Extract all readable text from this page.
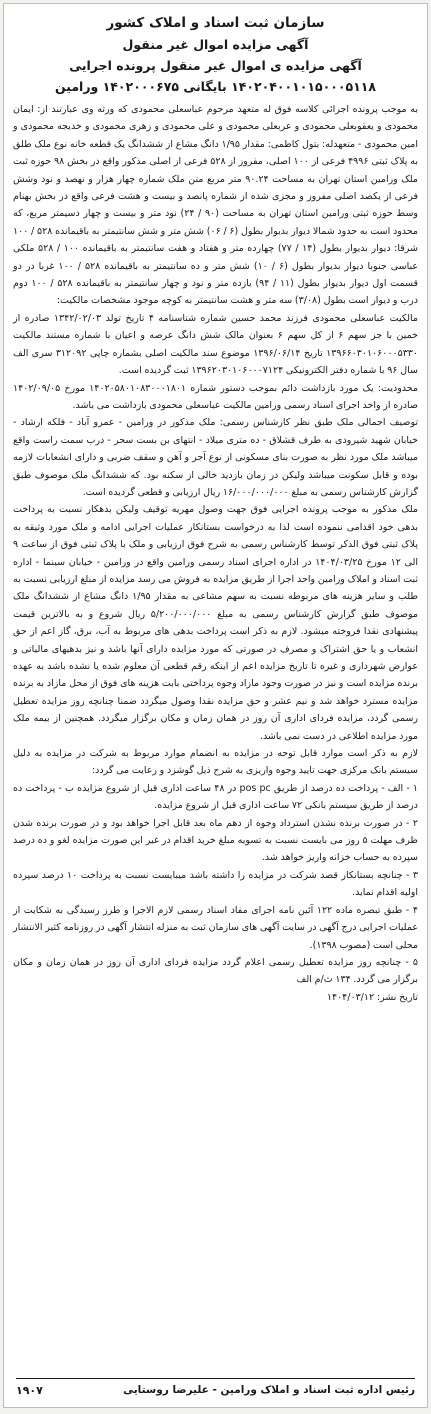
سازمان ثبت اسناد و املاک کشور
آگهی مزایده اموال غیر منقول
آگهی مزایده ی اموال غیر منقول پرونده اجرایی
۱۴۰۲۰۴۰۰۱۰۱۵۰۰۰۵۱۱۸ بایگانی ۱۴۰۲۰۰۰۶۷۵ ورامین

به موجب پرونده اجرائی کلاسه فوق له متعهد مرحوم عباسعلی محمودی که ورثه وی عبارتند از: ایمان محمودی و یعقوبعلی محمودی و عربعلی محمودی و علی محمودی و زهری محمودی و خدیجه محمودی و امین محمودی - متعهدله: بتول کاظمی: مقدار ۱/۹۵ دانگ مشاع از ششدانگ یک قطعه خانه نوع ملک طلق به پلاک ثبتی ۴۹۹۶ فرعی از ۱۰۰ اصلی، مفروز از ۵۲۸ فرعی از اصلی مذکور واقع در بخش ۹۸ حوزه ثبت ملک ورامین استان تهران به مساحت ۹۰.۲۴ متر مربع متن ملک شماره چهار هزار و نهصد و نود وشش فرعی از یکصد اصلی مفروز و مجزی شده از شماره پانصد و بیست و هشت فرعی واقع در بخش بهنام وسط حوزه ثبتی ورامین استان تهران به مساحت (۹۰ / ۲۴) نود متر و بیست و چهار دسیمتر مربع، که محدود است به حدود شمالا دیوار بدیوار بطول (۶ / ۰۶) شش متر و شش سانتیمتر به باقیمانده ۵۲۸ / ۱۰۰ شرقا: دیوار بدیوار بطول (۱۴ / ۷۷) چهارده متر و هفتاد و هفت سانتیمتر به باقیمانده ۱۰۰ / ۵۲۸ ملکی عباسی جنوبا دیوار بدیوار بطول (۶ / ۱۰) شش متر و ده سانتیمتر به باقیمانده ۵۲۸ / ۱۰۰ غربا در دو قسمت اول دیوار بدیوار بطول (۱۱ / ۹۴) یازده متر و نود و چهار سانتیمتر به باقیمانده ۵۲۸ / ۱۰۰ دوم درب و دیوار است بطول (۳/۰۸) سه متر و هشت سانتیمتر به کوچه موجود مشخصات مالکیت:

مالکیت عباسعلی محمودی فرزند محمد حسین شماره شناسنامه ۴ تاریخ تولد ۱۳۴۲/۰۲/۰۳ صادره از خمین با جز سهم ۶ از کل سهم ۶ بعنوان مالک شش دانگ عرصه و اعیان با شماره مستند مالکیت ۱۳۹۶۶۰۳۰۱۰۶۰۰۰۵۳۳۰ تاریخ ۱۳۹۶/۰۶/۱۴ موضوع سند مالکیت اصلی بشماره چاپی ۳۱۲۰۹۲ سری الف سال ۹۶ با شماره دفتر الکترونیکی ۱۳۹۶۲۰۳۰۱۰۶۰۰۰۷۱۲۴ ثبت گردیده است.

محدودیت: یک مورد بازداشت دائم بموجب دستور شماره ۱۴۰۲۰۵۸۰۱۰۸۳۰۰۰۱۸۰۱ مورخ ۱۴۰۲/۰۹/۰۵ صادره از واحد اجرای اسناد رسمی ورامین مالکیت عباسعلی محمودی بازداشت می باشد.

توصیف اجمالی ملک طبق نظر کارشناس رسمی: ملک مذکور در ورامین - عمرو آباد - فلکه ارشاد - خیابان شهید شیرودی به طرف قشلاق - ده متری میلاد - انتهای بن بست سحر - درب سمت راست واقع میباشد ملک مورد نظر به صورت بنای مسکونی از نوع آجر و آهن و سقف ضربی و دارای انشعابات لازمه بوده و قابل سکونت میباشد ولیکن در زمان بازدید خالی از سکنه بود. که ششدانگ ملک موصوف طبق گزارش کارشناس رسمی به مبلغ ۱۶/۰۰۰/۰۰۰/۰۰۰ ریال ارزیابی و قطعی گردیده است.

ملک مذکور به موجب پرونده اجرایی فوق جهت وصول مهریه توقیف ولیکن بدهکار نسبت به پرداخت بدهی خود اقدامی ننموده است لذا به درخواست بستانکار عملیات اجرایی ادامه و ملک مورد وثیقه به پلاک ثبتی فوق الذکر توسط کارشناس رسمی به شرح فوق ارزیابی و ملک با پلاک ثبتی فوق از ساعت ۹ الی ۱۲ مورخ ۱۴۰۴/۰۳/۲۵ در اداره اجرای اسناد رسمی ورامین واقع در ورامین - خیابان سینما - اداره ثبت اسناد و املاک ورامین واحد اجرا از طریق مزایده به فروش می رسد مزایده از مبلغ ارزیابی نسبت به طلب و سایر هزینه های مربوطه نسبت به سهم مشاعی به مقدار ۱/۹۵ دانگ مشاع از ششدانگ ملک موصوف طبق گزارش کارشناس رسمی به مبلغ ۵/۲۰۰/۰۰۰/۰۰۰ ریال شروع و به بالاترین قیمت پیشنهادی نقدا فروخته میشود. لازم به ذکر است پرداخت بدهی های مربوط به آب، برق، گاز اعم از حق انشعاب و یا حق اشتراک و مصرف در صورتی که مورد مزایده دارای آنها باشد و نیز بدهیهای مالیاتی و عوارض شهرداری و غیره تا تاریخ مزایده اعم از اینکه رقم قطعی آن معلوم شده یا نشده باشد به عهده برنده مزایده است و نیز در صورت وجود مازاد وجوه پرداختی بابت هزینه های فوق از محل مازاد به برنده مزایده مسترد خواهد شد و نیم عشر و حق مزایده نقدا وصول میگردد ضمنا چنانچه روز مزایده تعطیل رسمی گردد، مزایده فردای اداری آن روز در همان زمان و مکان برگزار میگردد. همچنین از بیمه ملک مورد مزایده اطلاعی در دست نمی باشد.

لازم به ذکر است موارد قابل توجه در مزایده به انضمام موارد مربوط به شرکت در مزایده به دلیل سیستم بانک مرکزی جهت تایید وجوه واریزی به شرح ذیل گوشزد و رعایت می گردد:

۱ - الف - پرداخت ده درصد از طریق pos pc در ۴۸ ساعت اداری قبل از شروع مزایده ب - پرداخت ده درصد از طریق سیستم بانکی ۷۲ ساعت اداری قبل از شروع مزایده.

۲ - در صورت برنده نشدن استرداد وجوه از دهم ماه بعد قابل اجرا خواهد بود و در صورت برنده شدن ظرف مهلت ۵ روز می بایست نسبت به تسویه مبلغ خرید اقدام در غیر این صورت مزایده لغو و ده درصد سپرده به حساب خزانه واریز خواهد شد.

۳ - چنانچه بستانکار قصد شرکت در مزایده را داشته باشد میبایست نسبت به پرداخت ۱۰ درصد سپرده اولیه اقدام نماید.

۴ - طبق تبصره ماده ۱۲۲ آئین نامه اجرای مفاد اسناد رسمی لازم الاجرا و طرز رسیدگی به شکایت از عملیات اجرایی درج آگهی در سایت آگهی های سازمان ثبت به منزله انتشار آگهی در روزنامه کثیر الانتشار محلی است (مصوب ۱۳۹۸).

۵ - چنانچه روز مزایده تعطیل رسمی اعلام گردد مزایده فردای اداری آن روز در همان زمان و مکان برگزار می گردد. ۱۳۴ ث/م الف

تاریخ نشر: ۱۴۰۴/۰۳/۱۲

رئیس اداره ثبت اسناد و املاک ورامین - علیرضا روستایی
۱۹۰۷
